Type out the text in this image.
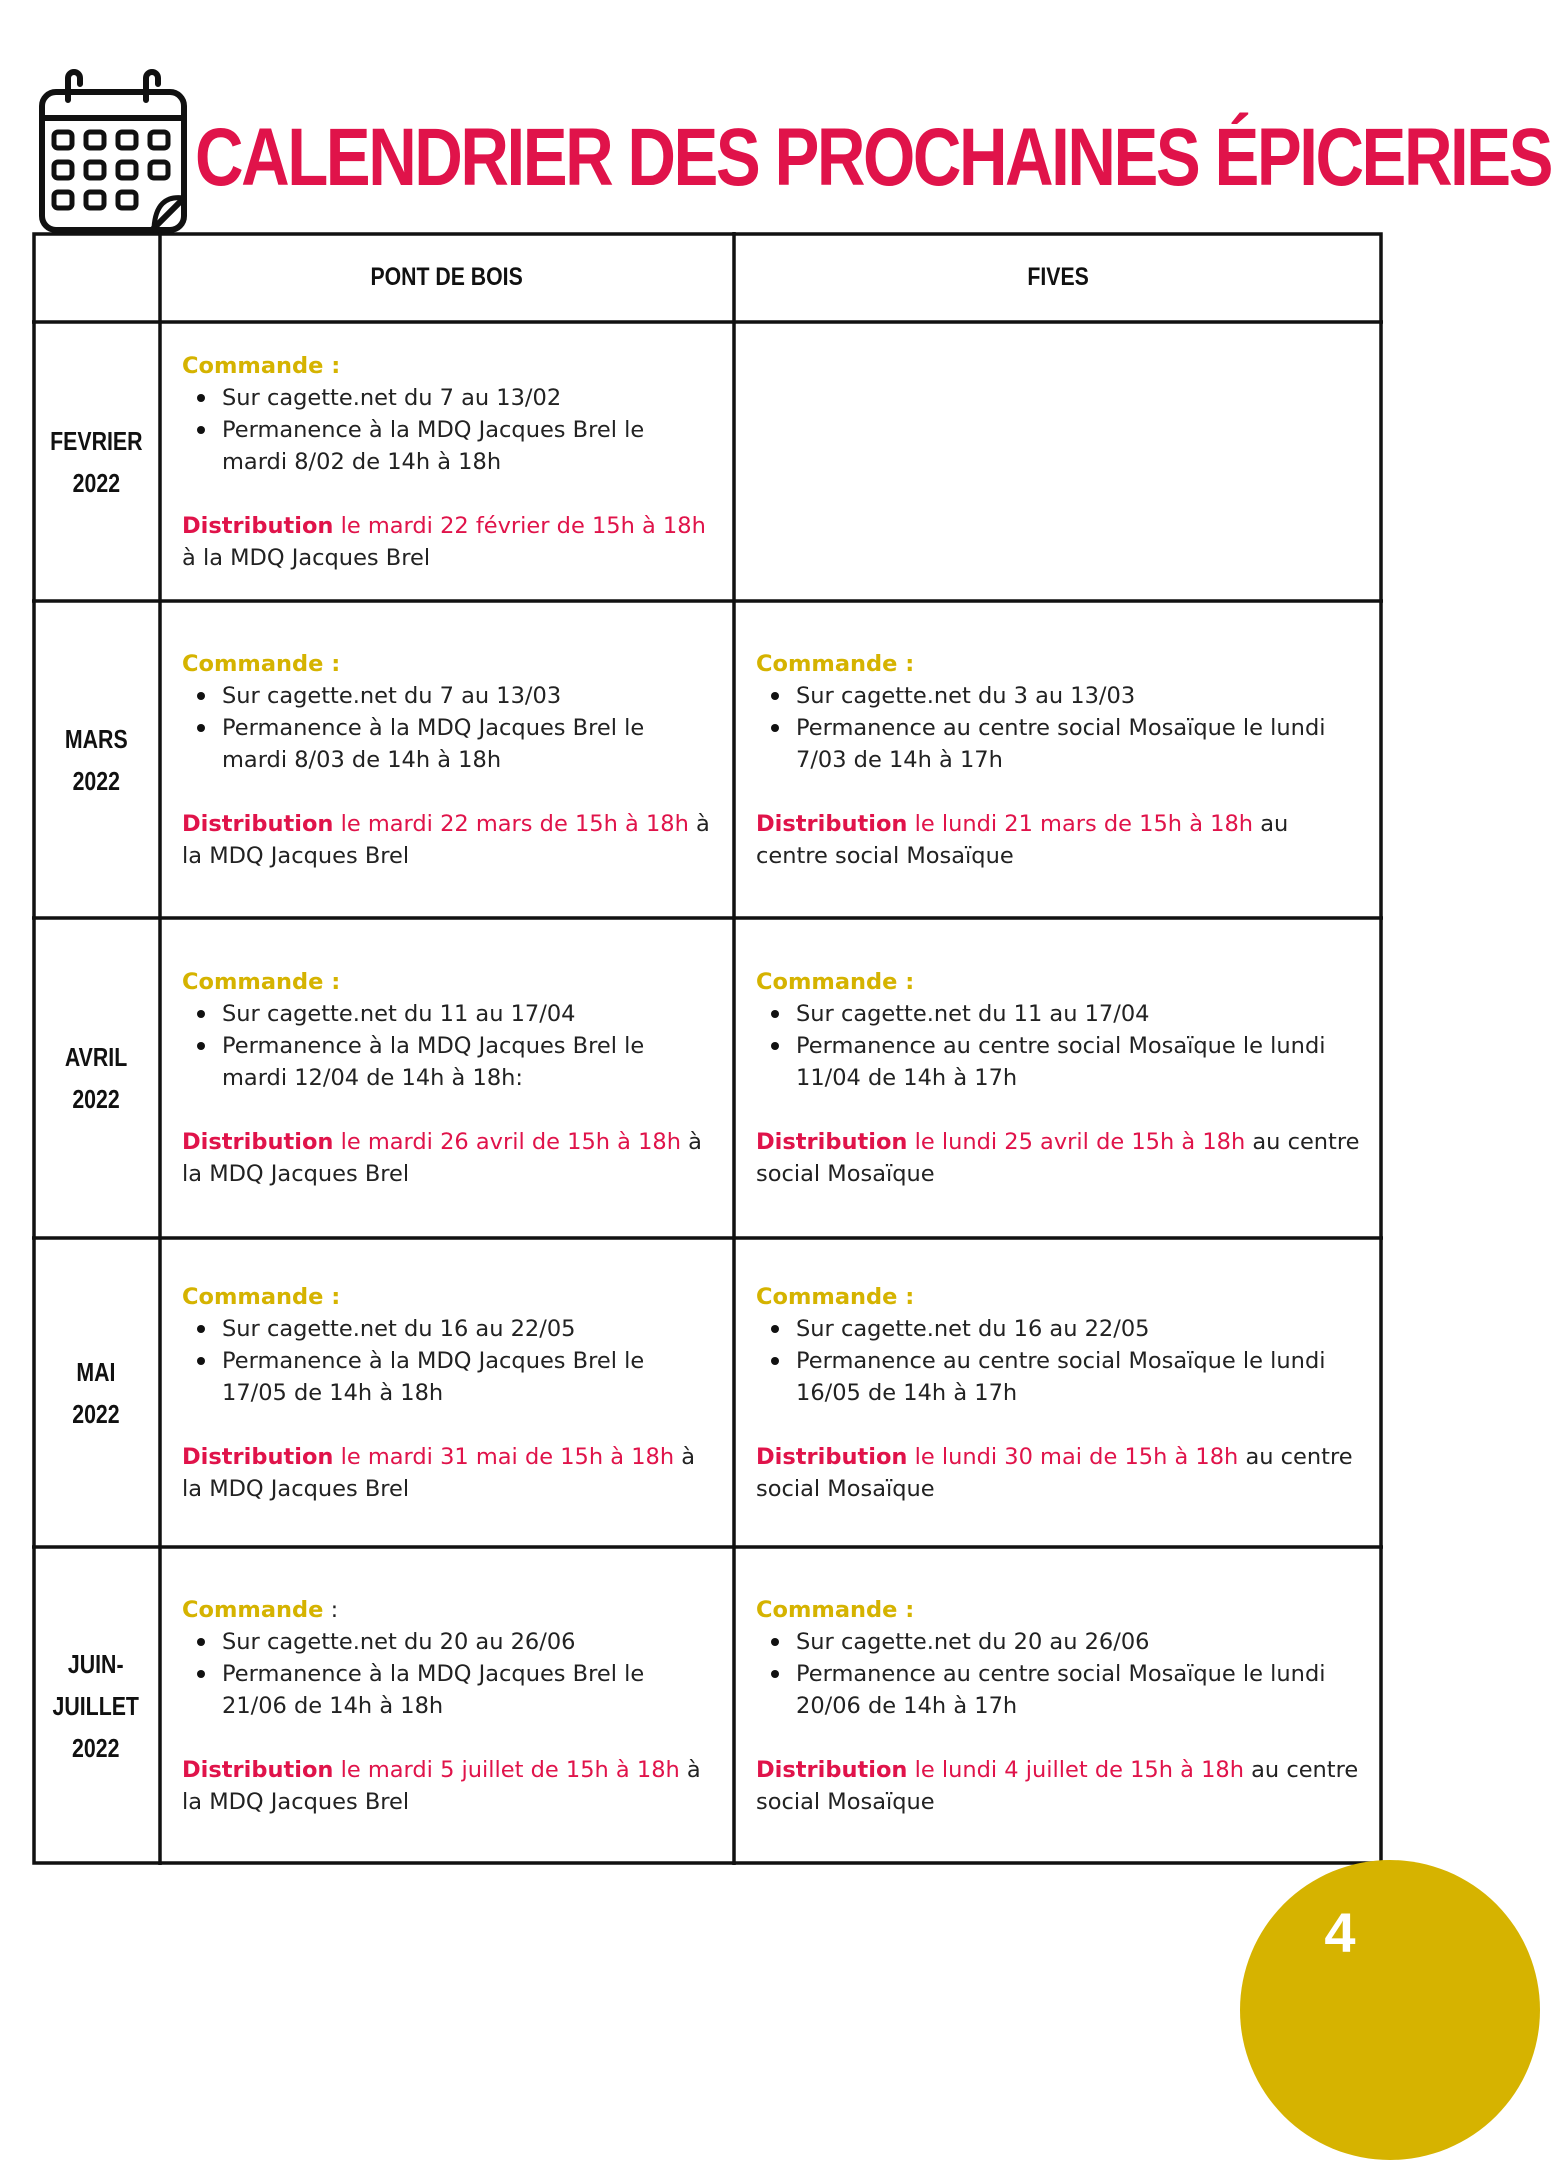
CALENDRIER DES PROCHAINES ÉPICERIES
PONT DE BOIS	FIVES
FEVRIER
2022
Commande :
Sur cagette.net du 7 au 13/02
Permanence à la MDQ Jacques Brel le mardi 8/02 de 14h à 18h
Distribution le mardi 22 février de 15h à 18h à la MDQ Jacques Brel
MARS
2022
Commande :
Sur cagette.net du 7 au 13/03
Permanence à la MDQ Jacques Brel le mardi 8/03 de 14h à 18h
Distribution le mardi 22 mars de 15h à 18h à la MDQ Jacques Brel
Commande :
Sur cagette.net du 3 au 13/03
Permanence au centre social Mosaïque le lundi 7/03 de 14h à 17h
Distribution le lundi 21 mars de 15h à 18h au centre social Mosaïque
AVRIL
2022
Commande :
Sur cagette.net du 11 au 17/04
Permanence à la MDQ Jacques Brel le mardi 12/04 de 14h à 18h:
Distribution le mardi 26 avril de 15h à 18h à la MDQ Jacques Brel
Commande :
Sur cagette.net du 11 au 17/04
Permanence au centre social Mosaïque le lundi 11/04 de 14h à 17h
Distribution le lundi 25 avril de 15h à 18h au centre social Mosaïque
MAI
2022
Commande :
Sur cagette.net du 16 au 22/05
Permanence à la MDQ Jacques Brel le 17/05 de 14h à 18h
Distribution le mardi 31 mai de 15h à 18h à la MDQ Jacques Brel
Commande :
Sur cagette.net du 16 au 22/05
Permanence au centre social Mosaïque le lundi 16/05 de 14h à 17h
Distribution le lundi 30 mai de 15h à 18h au centre social Mosaïque
JUIN-
JUILLET
2022
Commande :
Sur cagette.net du 20 au 26/06
Permanence à la MDQ Jacques Brel le 21/06 de 14h à 18h
Distribution le mardi 5 juillet de 15h à 18h à la MDQ Jacques Brel
Commande :
Sur cagette.net du 20 au 26/06
Permanence au centre social Mosaïque le lundi 20/06 de 14h à 17h
Distribution le lundi 4 juillet de 15h à 18h au centre social Mosaïque
4
